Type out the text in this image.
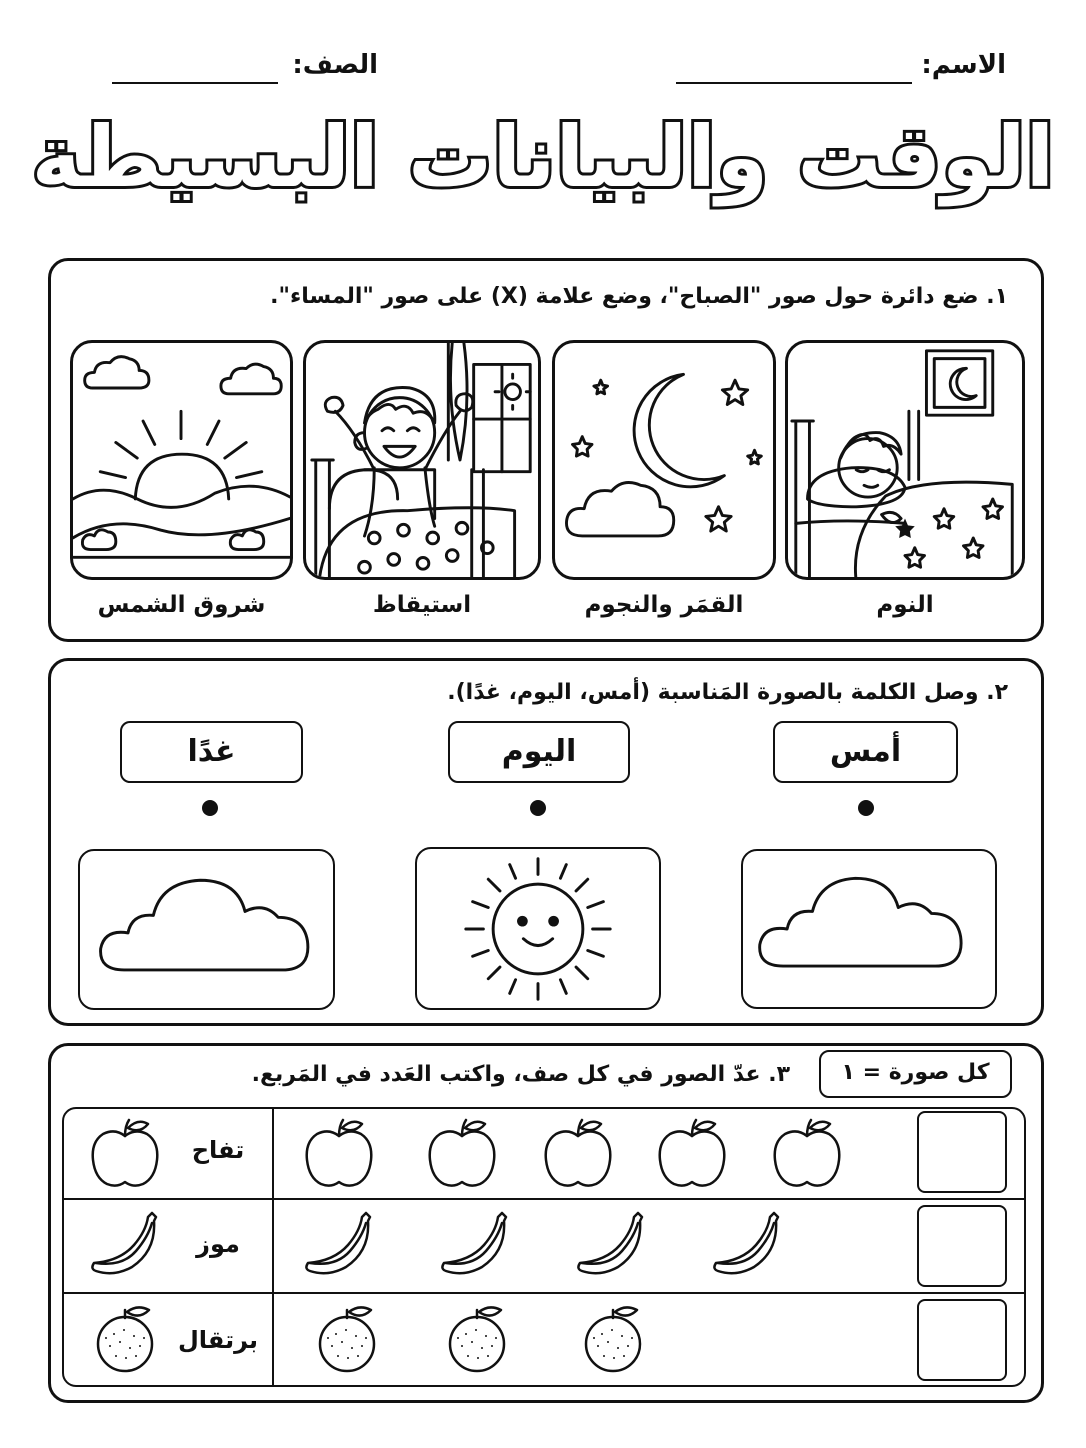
الاسم:
الصف:
الوقت والبيانات البسيطة
١. ضع دائرة حول صور "الصباح"، وضع علامة (X) على صور "المساء".
النوم
القمَر والنجوم
استيقاظ
شروق الشمس
٢. وصل الكلمة بالصورة المَناسبة (أمس، اليوم، غدًا).
أمس
اليوم
غدًا
كل صورة = ١
٣. عدّ الصور في كل صف، واكتب العَدد في المَربع.
تفاح
موز
برتقال
